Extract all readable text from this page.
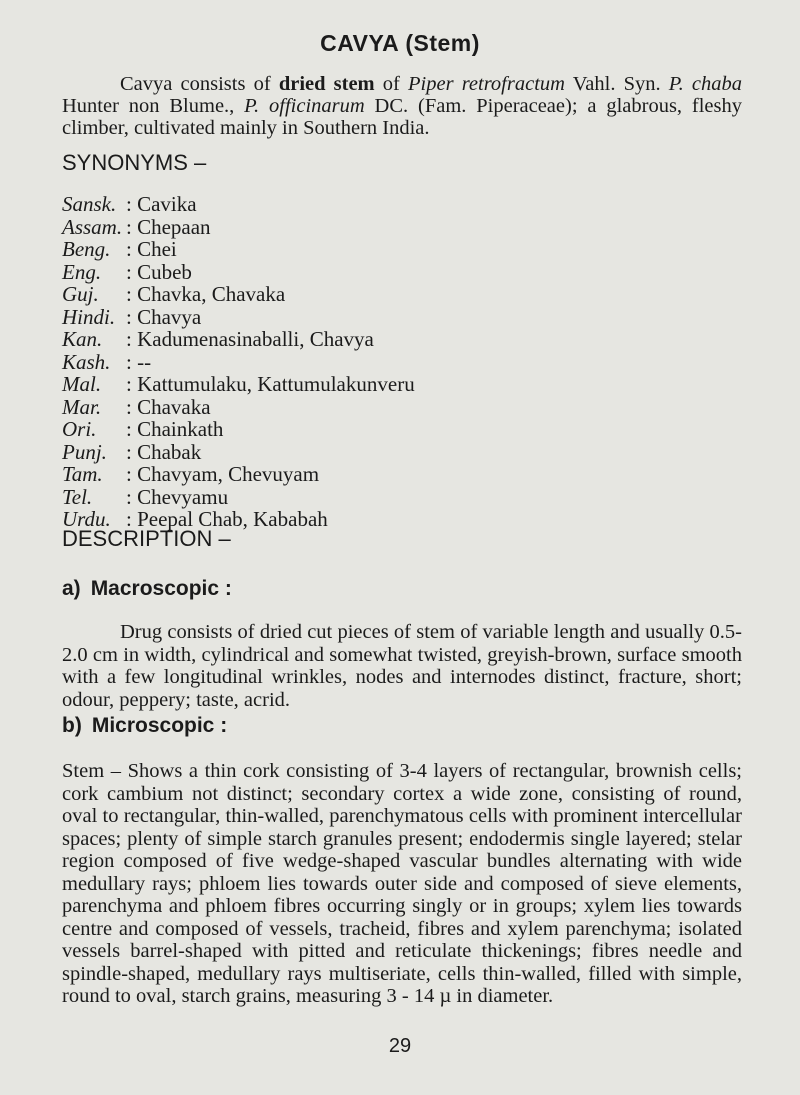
CAVYA (Stem)
Cavya consists of dried stem of Piper retrofractum Vahl. Syn. P. chaba Hunter non Blume., P. officinarum DC. (Fam. Piperaceae); a glabrous, fleshy climber, cultivated mainly in Southern India.
SYNONYMS –
Sansk. : Cavika
Assam. : Chepaan
Beng. : Chei
Eng.	: Cubeb
Guj.	: Chavka, Chavaka
Hindi. : Chavya
Kan.	: Kadumenasinaballi, Chavya
Kash. : --
Mal.	: Kattumulaku, Kattumulakunveru
Mar.	: Chavaka
Ori.	: Chainkath
Punj. : Chabak
Tam.	: Chavyam, Chevuyam
Tel.	: Chevyamu
Urdu. : Peepal Chab, Kababah
DESCRIPTION –
a) Macroscopic :
Drug consists of dried cut pieces of stem of variable length and usually 0.5-2.0 cm in width, cylindrical and somewhat twisted, greyish-brown, surface smooth with a few longitudinal wrinkles, nodes and internodes distinct, fracture, short; odour, peppery; taste, acrid.
b) Microscopic :
Stem – Shows a thin cork consisting of 3-4 layers of rectangular, brownish cells; cork cambium not distinct; secondary cortex a wide zone, consisting of round, oval to rectangular, thin-walled, parenchymatous cells with prominent intercellular spaces; plenty of simple starch granules present; endodermis single layered; stelar region composed of five wedge-shaped vascular bundles alternating with wide medullary rays; phloem lies towards outer side and composed of sieve elements, parenchyma and phloem fibres occurring singly or in groups; xylem lies towards centre and composed of vessels, tracheid, fibres and xylem parenchyma; isolated vessels barrel-shaped with pitted and reticulate thickenings; fibres needle and spindle-shaped, medullary rays multiseriate, cells thin-walled, filled with simple, round to oval, starch grains, measuring 3 - 14 µ in diameter.
29
